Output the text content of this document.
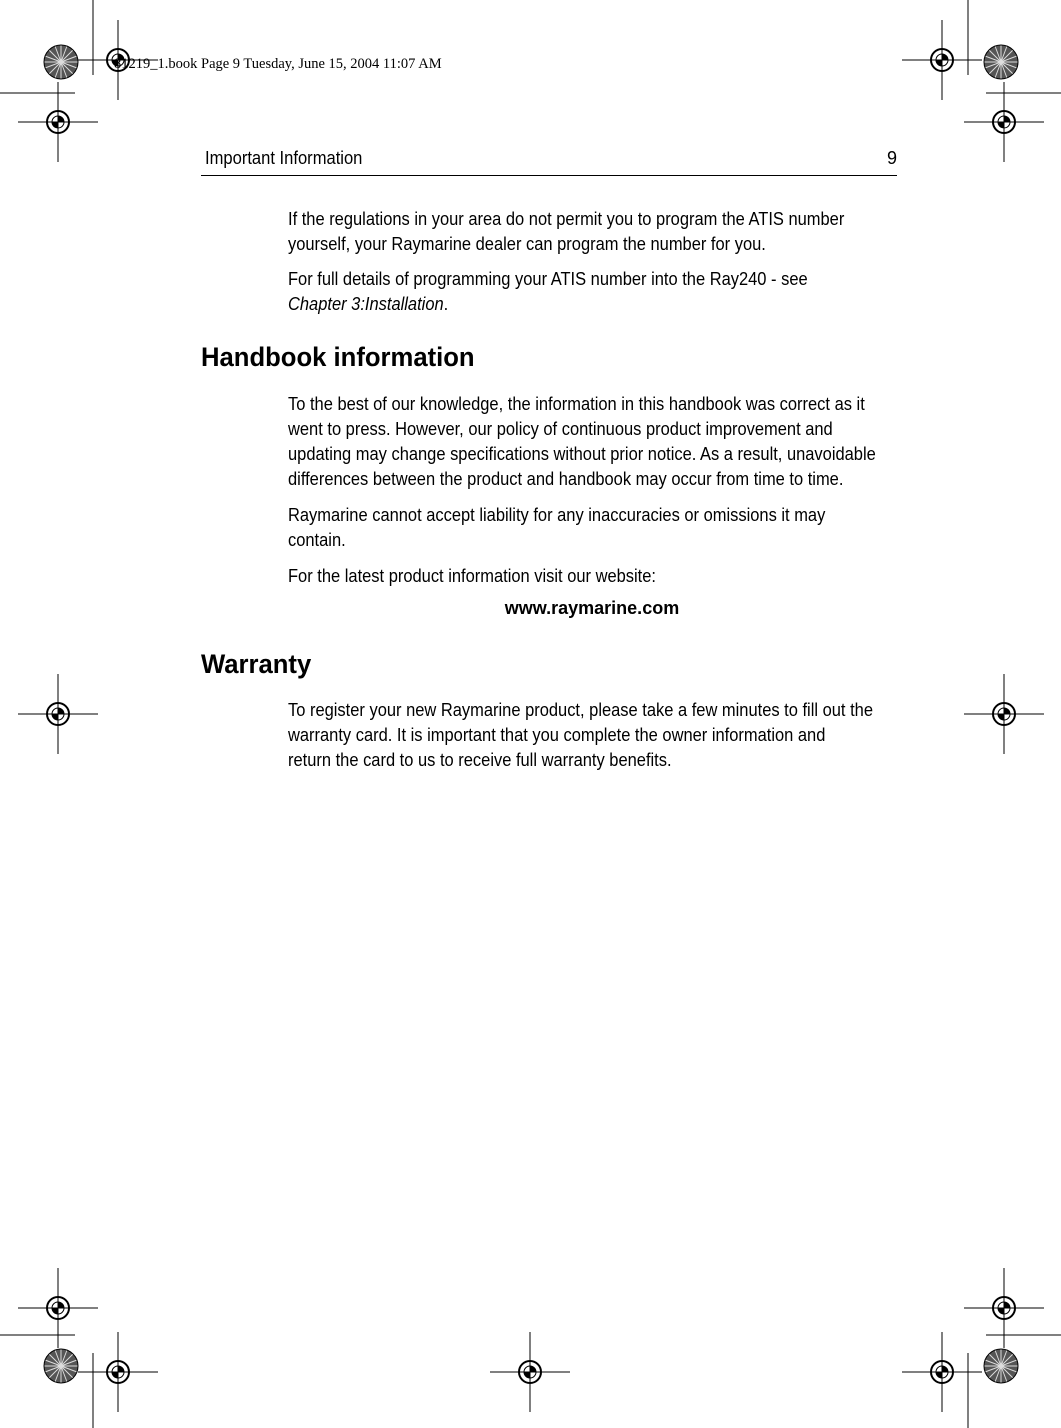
81219_1.book Page 9 Tuesday, June 15, 2004 11:07 AM
Important Information	9

If the regulations in your area do not permit you to program the ATIS number
yourself, your Raymarine dealer can program the number for you.

For full details of programming your ATIS number into the Ray240 - see
Chapter 3:Installation.

Handbook information

To the best of our knowledge, the information in this handbook was correct as it
went to press. However, our policy of continuous product improvement and
updating may change specifications without prior notice. As a result, unavoidable
differences between the product and handbook may occur from time to time.

Raymarine cannot accept liability for any inaccuracies or omissions it may
contain.

For the latest product information visit our website:

www.raymarine.com
Warranty

To register your new Raymarine product, please take a few minutes to fill out the
warranty card. It is important that you complete the owner information and
return the card to us to receive full warranty benefits.
